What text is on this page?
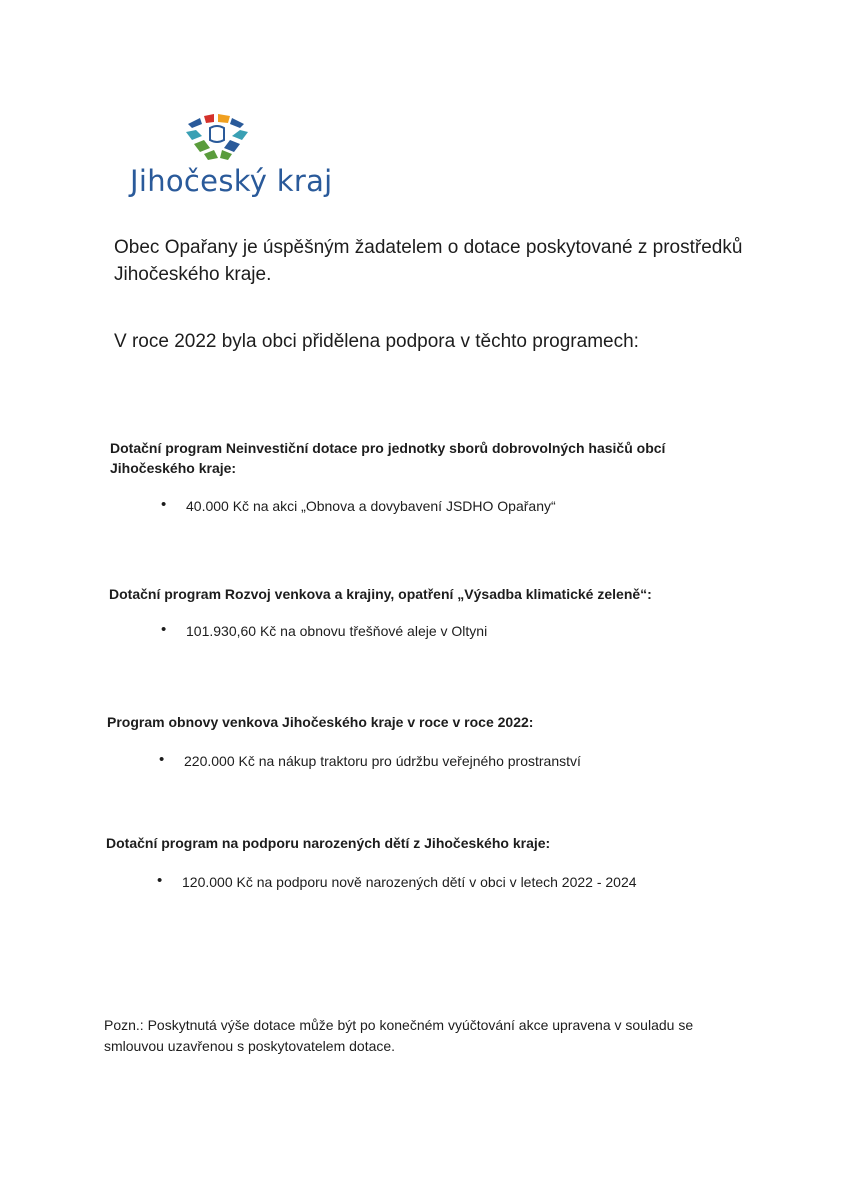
Jihočeský kraj
Obec Opařany je úspěšným žadatelem o dotace poskytované z prostředků Jihočeského kraje.
V roce 2022 byla obci přidělena podpora v těchto programech:
Dotační program Neinvestiční dotace pro jednotky sborů dobrovolných hasičů obcí Jihočeského kraje:
• 40.000 Kč na akci „Obnova a dovybavení JSDHO Opařany“
Dotační program Rozvoj venkova a krajiny, opatření „Výsadba klimatické zeleně“:
• 101.930,60 Kč na obnovu třešňové aleje v Oltyni
Program obnovy venkova Jihočeského kraje v roce v roce 2022:
• 220.000 Kč na nákup traktoru pro údržbu veřejného prostranství
Dotační program na podporu narozených dětí z Jihočeského kraje:
• 120.000 Kč na podporu nově narozených dětí v obci v letech 2022 - 2024
Pozn.: Poskytnutá výše dotace může být po konečném vyúčtování akce upravena v souladu se smlouvou uzavřenou s poskytovatelem dotace.
